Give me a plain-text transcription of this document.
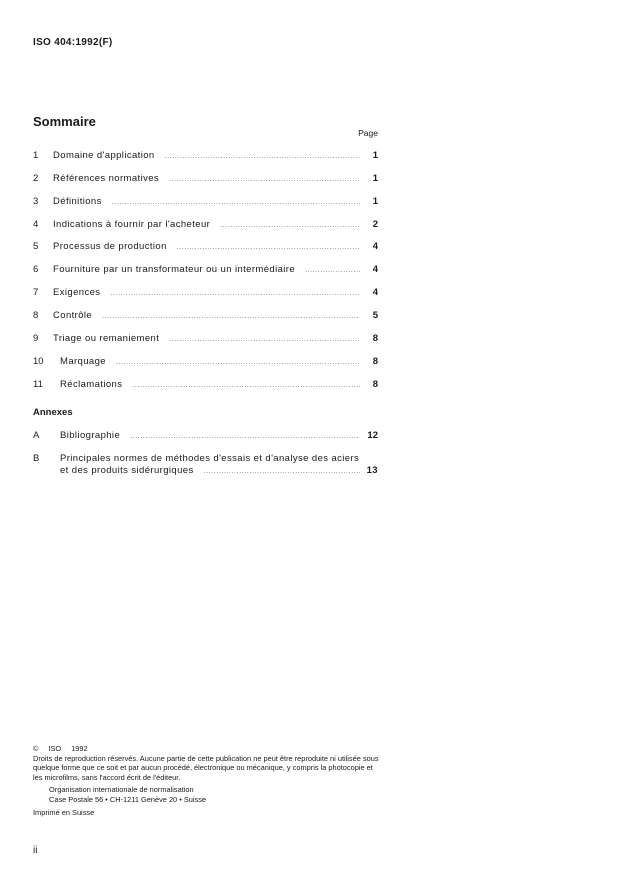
ISO 404:1992(F)
Sommaire
Page
1	Domaine d'application .....	1
2	Références normatives .....	1
3	Définitions .....	1
4	Indications à fournir par l'acheteur .....	2
5	Processus de production .....	4
6	Fourniture par un transformateur ou un intermédiaire .....	4
7	Exigences .....	4
8	Contrôle .....	5
9	Triage ou remaniement .....	8
10	Marquage .....	8
11	Réclamations .....	8
A	Bibliographie .....	12
B	Principales normes de méthodes d'essais et d'analyse des aciers
et des produits sidérurgiques .....	13
Annexes
© ISO 1992
Droits de reproduction réservés. Aucune partie de cette publication ne peut être reproduite ni utilisée sous quelque forme que ce soit et par aucun procédé, électronique ou mécanique, y compris la photocopie et les microfilms, sans l'accord écrit de l'éditeur.
Organisation internationale de normalisation
Case Postale 56 • CH-1211 Genève 20 • Suisse
Imprimé en Suisse
ii
